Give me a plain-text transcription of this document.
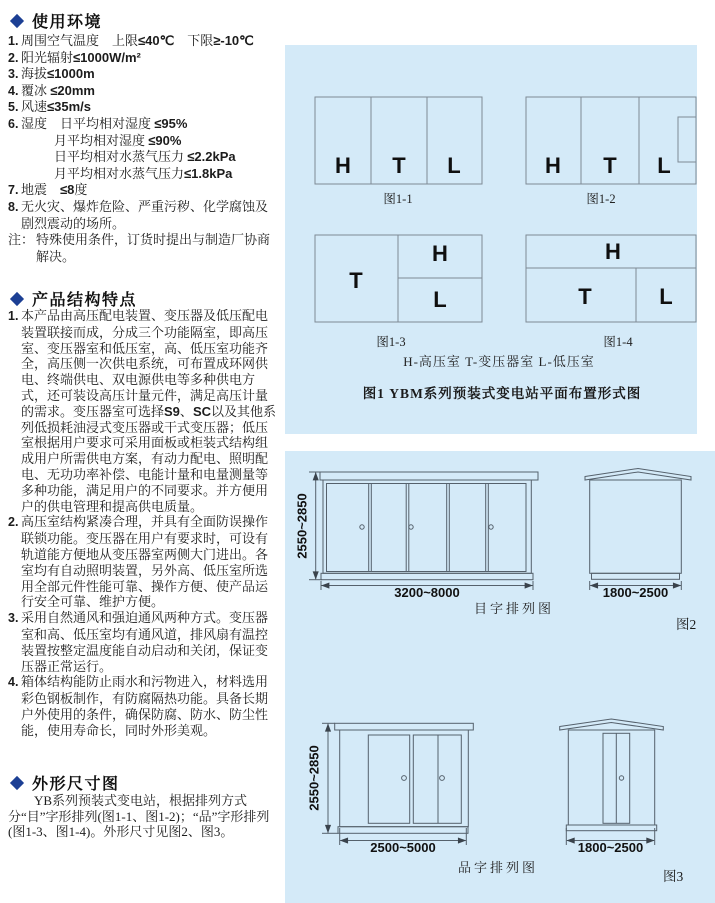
使用环境
1. 周围空气温度　上限≤40℃　下限≥-10℃
2. 阳光辐射≤1000W/m²
3. 海拔≤1000m
4. 覆冰 ≤20mm
5. 风速≤35m/s
6. 湿度　日平均相对湿度 ≤95%
月平均相对湿度 ≤90%
日平均相对水蒸气压力 ≤2.2kPa
月平均相对水蒸气压力≤1.8kPa
7. 地震　≤8度
8. 无火灾、爆炸危险、严重污秽、化学腐蚀及剧烈震动的场所。
注： 特殊使用条件，订货时提出与制造厂协商解决。
产品结构特点
1. 本产品由高压配电装置、变压器及低压配电装置联接而成，分成三个功能隔室，即高压室、变压器室和低压室，高、低压室功能齐全，高压侧一次供电系统，可布置成环网供电、终端供电、双电源供电等多种供电方式，还可装设高压计量元件，满足高压计量的需求。变压器室可选择S9、SC以及其他系列低损耗油浸式变压器或干式变压器；低压室根据用户要求可采用面板或柜装式结构组成用户所需供电方案，有动力配电、照明配电、无功功率补偿、电能计量和电量测量等多种功能，满足用户的不同要求。并方便用户的供电管理和提高供电质量。
2. 高压室结构紧凑合理，并具有全面防误操作联锁功能。变压器在用户有要求时，可设有轨道能方便地从变压器室两侧大门进出。各室均有自动照明装置，另外高、低压室所选用全部元件性能可靠、操作方便、使产品运行安全可靠、维护方便。
3. 采用自然通风和强迫通风两种方式。变压器室和高、低压室均有通风道，排风扇有温控装置按整定温度能自动启动和关闭，保证变压器正常运行。
4. 箱体结构能防止雨水和污物进入，材料选用彩色钢板制作，有防腐隔热功能。具备长期户外使用的条件，确保防腐、防水、防尘性能，使用寿命长，同时外形美观。
外形尺寸图

YB系列预装式变电站，根据排列方式分“目”字形排列(图1-1、图1-2)；“品”字形排列(图1-3、图1-4)。外形尺寸见图2、图3。

H T L
图1-1
H T L
图1-2
T
H
L
图1-3
H
T	L
图1-4
H-高压室 T-变压器室 L-低压室
图1 YBM系列预装式变电站平面布置形式图
2550~2850
3200~8000
目字排列图
1800~2500
图2
2550~2850
2500~5000
品字排列图
1800~2500
图3
